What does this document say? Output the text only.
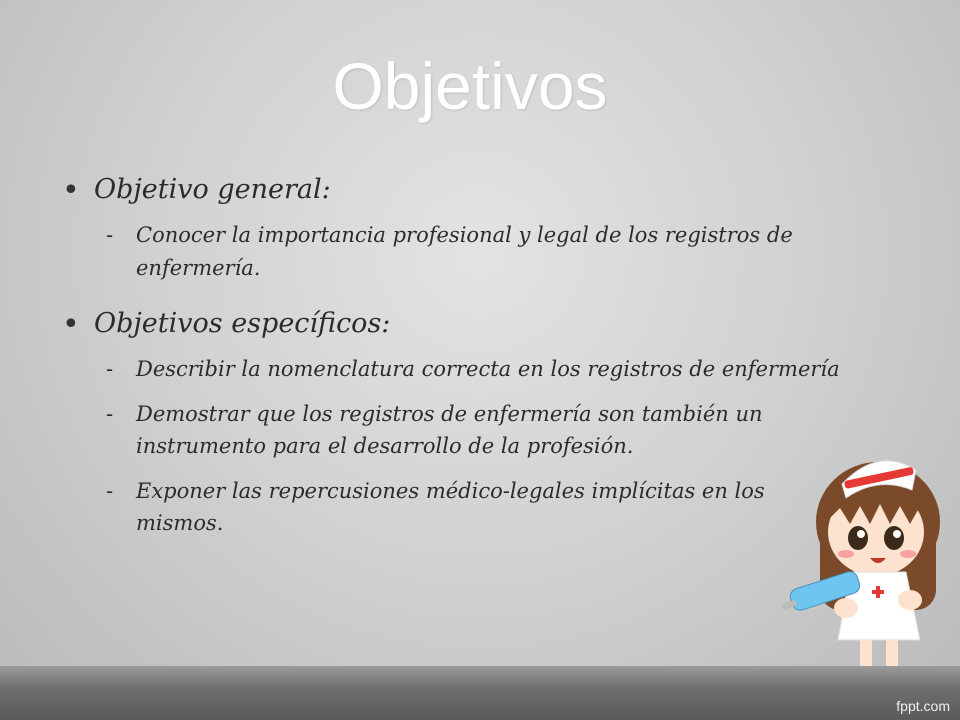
Objetivos
• Objetivo general:
- Conocer la importancia profesional y legal de los registros de enfermería.
• Objetivos específicos:
- Describir la nomenclatura correcta en los registros de enfermería
- Demostrar que los registros de enfermería son también un instrumento para el desarrollo de la profesión.
- Exponer las repercusiones médico-legales implícitas en los mismos.
fppt.com
